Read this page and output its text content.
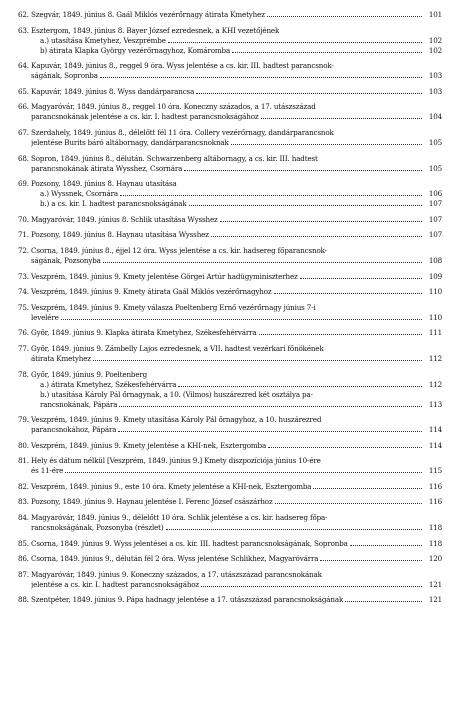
62. Szegvár, 1849. június 8. Gaál Miklós vezérőrnagy átirata Kmetyhez	101
63. Esztergom, 1849. június 8. Bayer József ezredesnek, a KHI vezetőjének
a.) utasítása Kmetyhez, Veszprémbe	102
b) átirata Klapka György vezérőrnagyhoz, Komáromba	102
64. Kapuvár, 1849. június 8., reggel 9 óra. Wyss jelentése a cs. kir. III. hadtest parancsnok-
ságának, Sopronba	103
65. Kapuvár, 1849. június 8. Wyss dandárparancsa	103
66. Magyaróvár, 1849. június 8., reggel 10 óra. Koneczny százados, a 17. utászszázad
parancsnokának jelentése a cs. kir. I. hadtest parancsnokságához	104
67. Szerdahely, 1849. június 8., délelőtt fél 11 óra. Collery vezérőrnagy, dandárparancsnok
jelentése Burits báró altábornagy, dandárparancsnoknak	105
68. Sopron, 1849. június 8., délután. Schwarzenberg altábornagy, a cs. kir. III. hadtest
parancsnokának átirata Wysshez, Csornára	105
69. Pozsony, 1849. június 8. Haynau utasítása
a.) Wyssnek, Csornára	106
b.) a cs. kir. I. hadtest parancsnokságának	107
70. Magyaróvár, 1849. június 8. Schlik utasítása Wysshez	107
71. Pozsony, 1849. június 8. Haynau utasítása Wysshez	107
72. Csorna, 1849. június 8., éjjel 12 óra. Wyss jelentése a cs. kir. hadsereg főparancsnok-
ságának, Pozsonyba	108
73. Veszprém, 1849. június 9. Kmety jelentése Görgei Artúr hadügyminiszterhez	109
74. Veszprém, 1849. június 9. Kmety átirata Gaál Miklós vezérőrnagyhoz	110
75. Veszprém, 1849. június 9. Kmety válasza Poeltenberg Ernő vezérőrnagy június 7-i
levelére	110
76. Győr, 1849. június 9. Klapka átirata Kmetyhez, Székesfehérvárra	111
77. Győr, 1849. június 9. Zámbelly Lajos ezredesnek, a VII. hadtest vezérkari főnökének
átirata Kmetyhez	112
78. Győr, 1849. június 9. Poeltenberg
a.) átirata Kmetyhez, Székesfehérvárra	112
b.) utasítása Károly Pál őrnagynak, a 10. (Vilmos) huszárezred két osztálya pa-
rancsnokának, Pápára	113
79. Veszprém, 1849. június 9. Kmety utasítása Károly Pál őrnagyhoz, a 10. huszárezred
parancsnokához, Pápára	114
80. Veszprém, 1849. június 9. Kmety jelentése a KHI-nek, Esztergomba	114
81. Hely és dátum nélkül [Veszprém, 1849. június 9.] Kmety diszpozíciója június 10-ére
és 11-ére	115
82. Veszprém, 1849. június 9., este 10 óra. Kmety jelentése a KHI-nek, Esztergomba	116
83. Pozsony, 1849. június 9. Haynau jelentése I. Ferenc József császárhoz	116
84. Magyaróvár, 1849. június 9., délelőtt 10 óra. Schlik jelentése a cs. kir. hadsereg főpa-
rancsnokságának, Pozsonyba (részlet)	118
85. Csorna, 1849. június 9. Wyss jelentései a cs. kir. III. hadtest parancsnokságának, Sopronba	118
86. Csorna, 1849. június 9., délután fél 2 óra. Wyss jelentése Schlikhez, Magyaróvárra	120
87. Magyaróvár, 1849. június 9. Koneczny százados, a 17. utászszázad parancsnokának
jelentése a cs. kir. I. hadtest parancsnokságához	121
88. Szentpéter, 1849. június 9. Pápa hadnagy jelentése a 17. utászszázad parancsnokságának	121
